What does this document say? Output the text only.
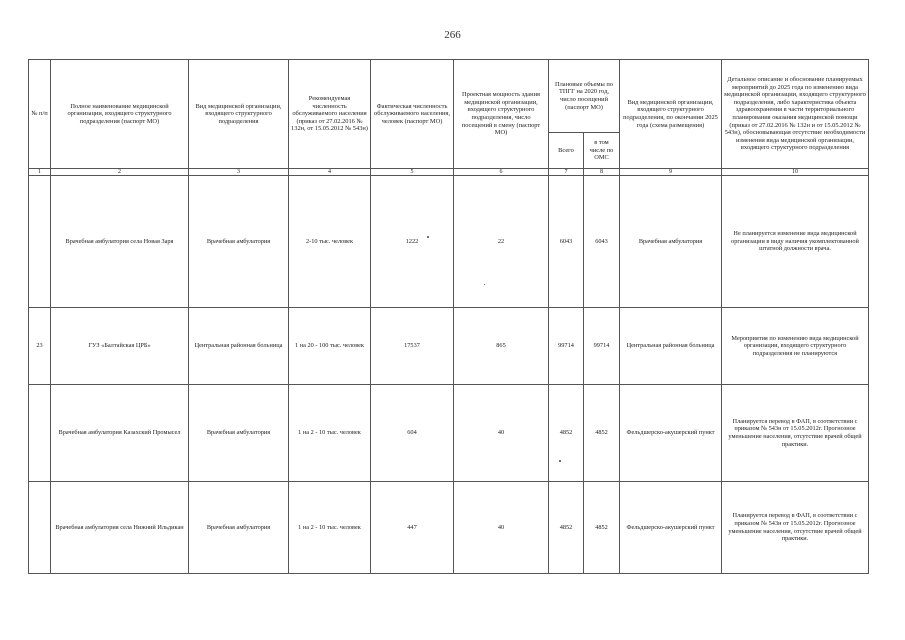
266
№ п/п	Полное наименование медицинской организации, входящего структурного подразделения (паспорт МО)	Вид медицинской организации, входящего структурного подразделения	Рекомендуемая численность обслуживаемого населения (приказ от 27.02.2016 № 132н, от 15.05.2012 № 543н)	Фактическая численность обслуживаемого населения, человек (паспорт МО)	Проектная мощность здания медицинской организации, входящего структурного подразделения, число посещений в смену (паспорт МО)	Плановые объемы по ТПГГ на 2020 год, число посещений (паспорт МО)		Вид медицинской организации, входящего структурного подразделения, по окончании 2025 года (схема размещения)	Детальное описание и обоснование планируемых мероприятий до 2025 года по изменению вида медицинской организации, входящего структурного подразделения, либо характеристика объекта здравоохранения в части территориального планирования оказания медицинской помощи (приказ от 27.02.2016 № 132н и от 15.05.2012 № 543н), обосновывающая отсутствие необходимости изменения вида медицинской организации, входящего структурного подразделения
						Всего	в том числе по ОМС		
1	2	3	4	5	6	7	8	9	10
	Врачебная амбулатория села Новая Заря	Врачебная амбулатория	2-10 тыс. человек	1222	22	6043	6043	Врачебная амбулатория	Не планируется изменение вида медицинской организации в виду наличия укомплектованной штатной должности врача.
23	ГУЗ «Балтайская ЦРБ»	Центральная районная больница	1 на 20 - 100 тыс. человек	17537	865	99714	99714	Центральная районная больница	Мероприятия по изменению вида медицинской организации, входящего структурного подразделения не планируются
	Врачебная амбулатория Казахский Промысел	Врачебная амбулатория	1 на 2 - 10 тыс. человек	604	40	4852	4852	Фельдшерско-акушерский пункт	Планируется перевод в ФАП, в соответствии с приказом № 543н от 15.05.2012г. Прогнозное уменьшение населения, отсутствие врачей общей практики.
	Врачебная амбулатория села Нижний Ильдикан	Врачебная амбулатория	1 на 2 - 10 тыс. человек	447	40	4852	4852	Фельдшерско-акушерский пункт	Планируется перевод в ФАП, в соответствии с приказом № 543н от 15.05.2012г. Прогнозное уменьшение населения, отсутствие врачей общей практики.
